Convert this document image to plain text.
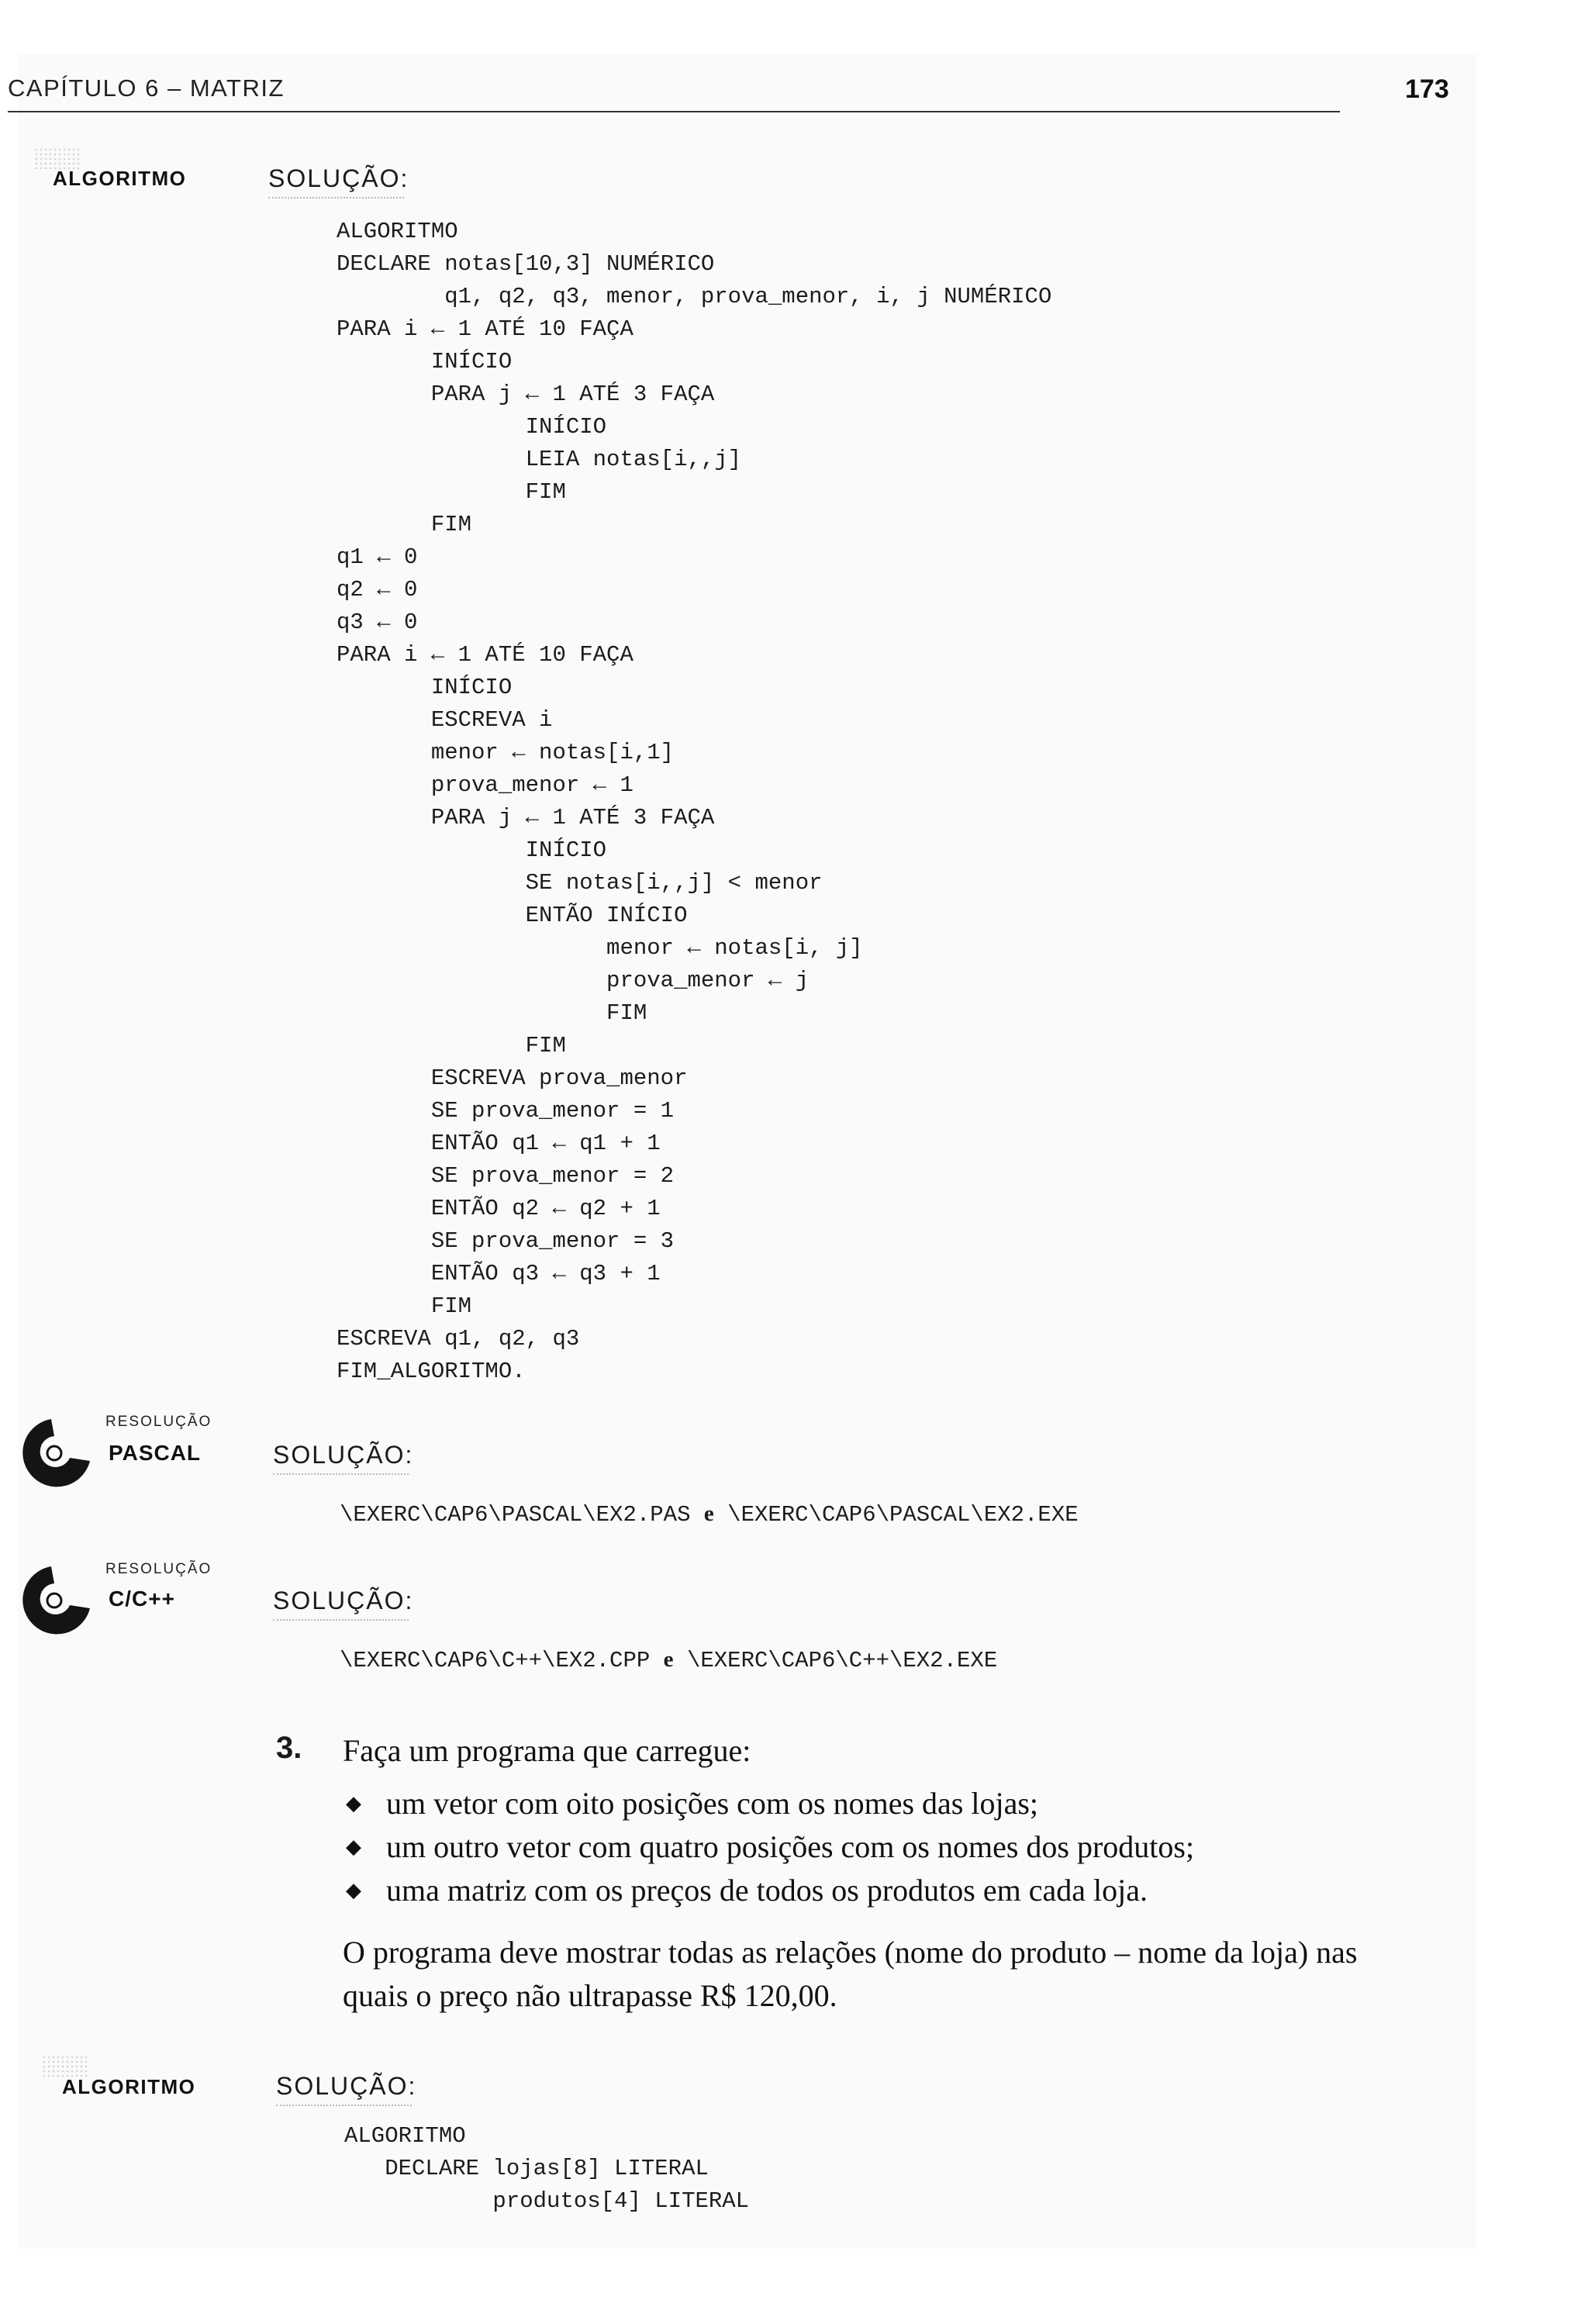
CAPÍTULO 6 – MATRIZ	173
ALGORITMO	SOLUÇÃO:
ALGORITMO
DECLARE notas[10,3] NUMÉRICO
q1, q2, q3, menor, prova_menor, i, j NUMÉRICO
PARA i ← 1 ATÉ 10 FAÇA
INÍCIO
PARA j ← 1 ATÉ 3 FAÇA
INÍCIO
LEIA notas[i,,j]
FIM
FIM
q1 ← 0
q2 ← 0
q3 ← 0
PARA i ← 1 ATÉ 10 FAÇA
INÍCIO
ESCREVA i
menor ← notas[i,1]
prova_menor ← 1
PARA j ← 1 ATÉ 3 FAÇA
INÍCIO
SE notas[i,,j] < menor
ENTÃO INÍCIO
menor ← notas[i, j]
prova_menor ← j
FIM
FIM
ESCREVA prova_menor
SE prova_menor = 1
ENTÃO q1 ← q1 + 1
SE prova_menor = 2
ENTÃO q2 ← q2 + 1
SE prova_menor = 3
ENTÃO q3 ← q3 + 1
FIM
ESCREVA q1, q2, q3
FIM_ALGORITMO.
RESOLUÇÃO
PASCAL	SOLUÇÃO:
\EXERC\CAP6\PASCAL\EX2.PAS e \EXERC\CAP6\PASCAL\EX2.EXE
RESOLUÇÃO
C/C++	SOLUÇÃO:
\EXERC\CAP6\C++\EX2.CPP e \EXERC\CAP6\C++\EX2.EXE
3. Faça um programa que carregue:
◆ um vetor com oito posições com os nomes das lojas;
◆ um outro vetor com quatro posições com os nomes dos produtos;
◆ uma matriz com os preços de todos os produtos em cada loja.
O programa deve mostrar todas as relações (nome do produto – nome da loja) nas
quais o preço não ultrapasse R$ 120,00.
ALGORITMO	SOLUÇÃO:
ALGORITMO
DECLARE lojas[8] LITERAL
produtos[4] LITERAL
